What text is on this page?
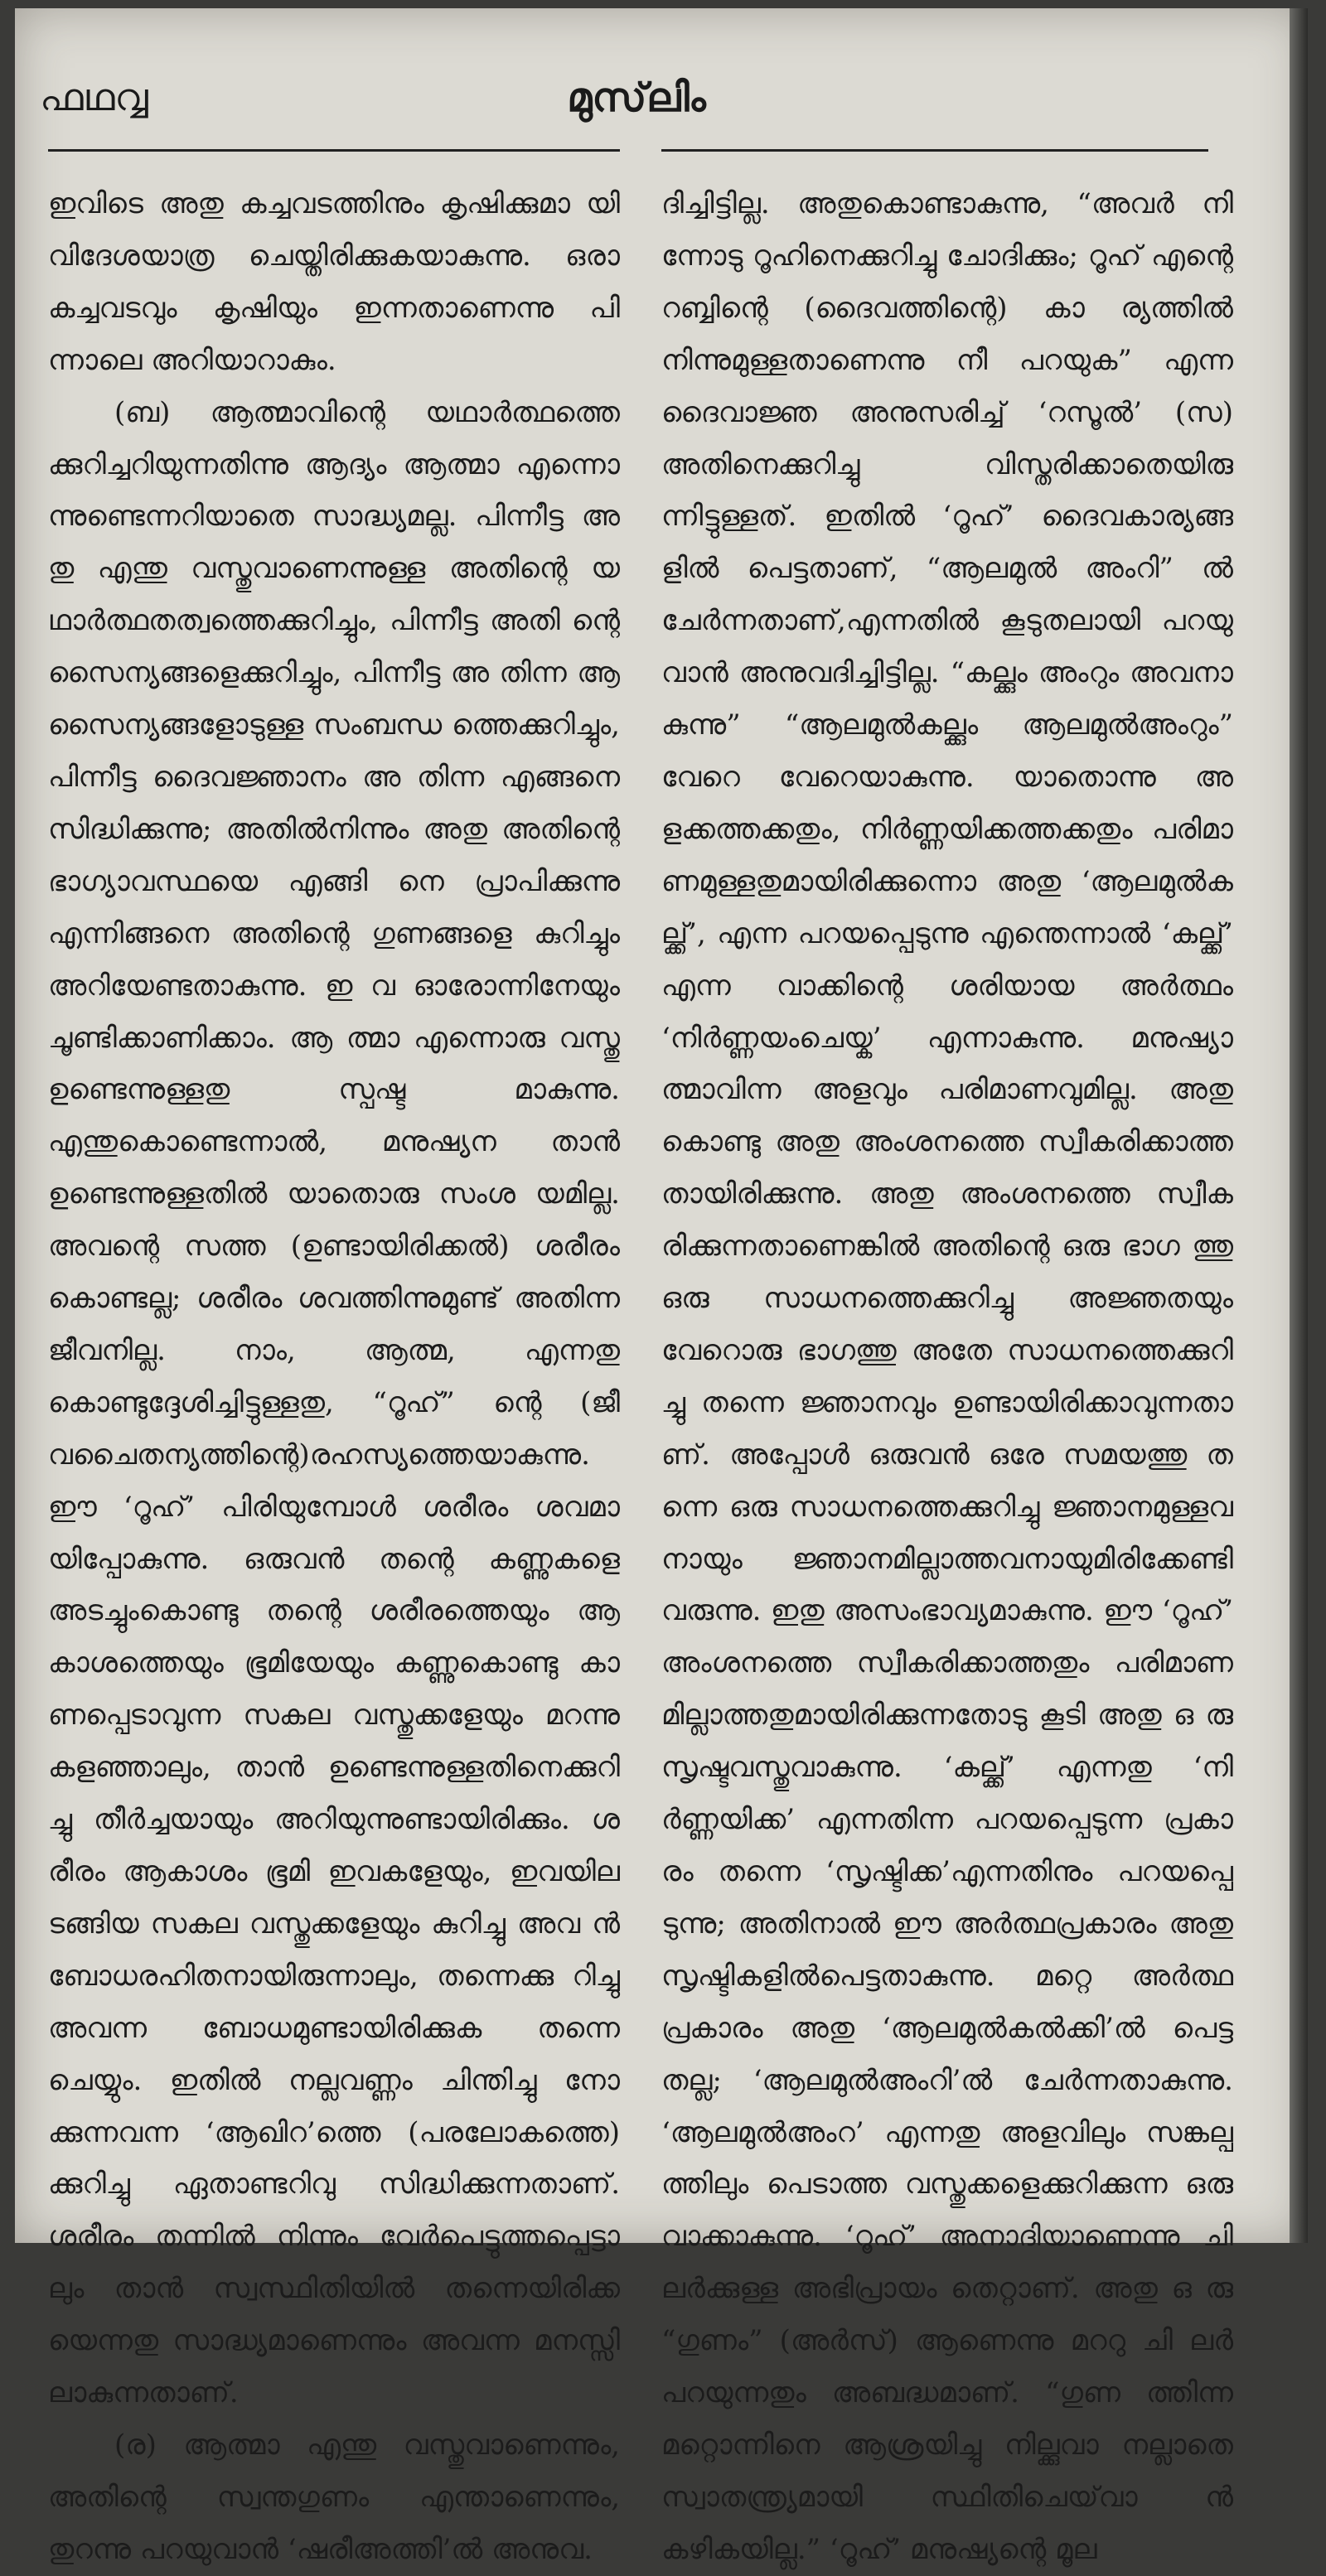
ഫഥവ്വ	മുസ്‌ലിം

ഇവിടെ അതു കച്ചവടത്തിനും കൃഷിക്കുമാ യി വിദേശയാത്ര ചെയ്തിരിക്കുകയാകുന്നു. ഒരാ കച്ചവടവും കൃഷിയും ഇന്നതാണെന്നു പി ന്നാലെ അറിയാറാകും.

(ബ) ആത്മാവിന്റെ യഥാർത്ഥത്തെ ക്കുറിച്ചറിയുന്നതിന്നു ആദ്യം ആത്മാ എന്നൊ ന്നുണ്ടെന്നറിയാതെ സാദ്ധ്യമല്ല. പിന്നീട്ട അ തു എന്തു വസ്തുവാണെന്നുള്ള അതിന്റെ യ ഥാർത്ഥതത്വത്തെക്കുറിച്ചും, പിന്നീട്ട അതി ന്റെ സൈന്യങ്ങളെക്കുറിച്ചും, പിന്നീട്ട അ തിന്ന ആ സൈന്യങ്ങളോടുള്ള സംബന്ധ ത്തെക്കുറിച്ചും, പിന്നീട്ട ദൈവജ്ഞാനം അ തിന്ന എങ്ങനെ സിദ്ധിക്കുന്നു; അതിൽനിന്നും അതു അതിന്റെ ഭാഗ്യാവസ്ഥയെ എങ്ങി നെ പ്രാപിക്കുന്നു എന്നിങ്ങനെ അതിന്റെ ഗുണങ്ങളെ കുറിച്ചും അറിയേണ്ടതാകുന്നു. ഇ വ ഓരോന്നിനേയും ചൂണ്ടിക്കാണിക്കാം. ആ ത്മാ എന്നൊരു വസ്തു ഉണ്ടെന്നുള്ളതു സ്പഷ്ട മാകുന്നു. എന്തുകൊണ്ടെന്നാൽ, മനുഷ്യന താൻ ഉണ്ടെന്നുള്ളതിൽ യാതൊരു സംശ യമില്ല. അവന്റെ സത്ത (ഉണ്ടായിരിക്കൽ) ശരീരം കൊണ്ടല്ല; ശരീരം ശവത്തിന്നുമുണ്ട് അതിന്ന ജീവനില്ല. നാം, ആത്മ, എന്നതു കൊണ്ടുദ്ദേശിച്ചിട്ടുള്ളതു, “റൂഹ്” ന്റെ (ജീ വചൈതന്യത്തിന്റെ)രഹസ്യത്തെയാകുന്നു. ഈ ‘റൂഹ്’ പിരിയുമ്പോൾ ശരീരം ശവമാ യിപ്പോകുന്നു. ഒരുവൻ തന്റെ കണ്ണുകളെ അടച്ചുംകൊണ്ടു തന്റെ ശരീരത്തെയും ആ കാശത്തെയും ഭൂമിയേയും കണ്ണുകൊണ്ടു കാ ണപ്പെടാവുന്ന സകല വസ്തുക്കളേയും മറന്നു കളഞ്ഞാലും, താൻ ഉണ്ടെന്നുള്ളതിനെക്കുറി ച്ചു തീർച്ചയായും അറിയുന്നുണ്ടായിരിക്കും. ശ രീരം ആകാശം ഭൂമി ഇവകളേയും, ഇവയില ടങ്ങിയ സകല വസ്തുക്കളേയും കുറിച്ചു അവ ൻ ബോധരഹിതനായിരുന്നാലും, തന്നെക്കു റിച്ചു അവന്ന ബോധമുണ്ടായിരിക്കുക തന്നെ ചെയ്യും. ഇതിൽ നല്ലവണ്ണം ചിന്തിച്ചു നോ ക്കുന്നവന്ന ‘ആഖിറ’ത്തെ (പരലോകത്തെ) ക്കുറിച്ചു ഏതാണ്ടറിവു സിദ്ധിക്കുന്നതാണ്. ശരീരം തന്നിൽ നിന്നും വേർപെട്ടുത്തപ്പെട്ടാ ലും താൻ സ്വസ്ഥിതിയിൽ തന്നെയിരിക്ക യെന്നതു സാദ്ധ്യമാണെന്നും അവന്ന മനസ്സി ലാകുന്നതാണ്.

(ര) ആത്മാ എന്തു വസ്തുവാണെന്നും, അതിന്റെ സ്വന്തഗുണം എന്താണെന്നും, തുറന്നു പറയുവാൻ ‘ഷരീഅത്തി’ൽ അനുവ.

ദിച്ചിട്ടില്ല. അതുകൊണ്ടാകുന്നു, “അവർ നി ന്നോടു റൂഹിനെക്കുറിച്ചു ചോദിക്കും; റൂഹ് എന്റെ റബ്ബിന്റെ (ദൈവത്തിന്റെ) കാ ര്യത്തിൽ നിന്നുമുള്ളതാണെന്നു നീ പറയുക” എന്ന ദൈവാജ്ഞ അനുസരിച്ച് ‘റസൂൽ’ (സ) അതിനെക്കുറിച്ചു വിസ്തരിക്കാതെയിരു ന്നിട്ടുള്ളത്. ഇതിൽ ‘റൂഹ്’ ദൈവകാര്യങ്ങ ളിൽ പെട്ടതാണ്, “ആലമുൽ അംറി” ൽ ചേർന്നതാണ്,എന്നതിൽ കൂടുതലായി പറയു വാൻ അനുവദിച്ചിട്ടില്ല. “കല്ക്കും അംറും അവനാ കുന്നു” “ആലമുൽകല്ക്കും ആലമുൽഅംറും” വേറെ വേറെയാകുന്നു. യാതൊന്നു അ ളക്കത്തക്കതും, നിർണ്ണയിക്കത്തക്കതും പരിമാ ണമുള്ളതുമായിരിക്കുന്നൊ അതു ‘ആലമുൽക ല്ക്ക്’, എന്ന പറയപ്പെടുന്നു എന്തെന്നാൽ ‘കല്ക്ക്’ എന്ന വാക്കിന്റെ ശരിയായ അർത്ഥം ‘നിർണ്ണയംചെയ്ക’ എന്നാകുന്നു. മനുഷ്യാ ത്മാവിന്ന അളവും പരിമാണവുമില്ല. അതു കൊണ്ടു അതു അംശനത്തെ സ്വീകരിക്കാത്ത തായിരിക്കുന്നു. അതു അംശനത്തെ സ്വീക രിക്കുന്നതാണെങ്കിൽ അതിന്റെ ഒരു ഭാഗ ത്തു ഒരു സാധനത്തെക്കുറിച്ചു അജ്ഞതയും വേറൊരു ഭാഗത്തു അതേ സാധനത്തെക്കുറി ച്ചു തന്നെ ജ്ഞാനവും ഉണ്ടായിരിക്കാവുന്നതാ ണ്. അപ്പോൾ ഒരുവൻ ഒരേ സമയത്തു ത ന്നെ ഒരു സാധനത്തെക്കുറിച്ചു ജ്ഞാനമുള്ളവ നായും ജ്ഞാനമില്ലാത്തവനായുമിരിക്കേണ്ടി വരുന്നു. ഇതു അസംഭാവ്യമാകുന്നു. ഈ ‘റൂഹ്’ അംശനത്തെ സ്വീകരിക്കാത്തതും പരിമാണ മില്ലാത്തതുമായിരിക്കുന്നതോടു കൂടി അതു ഒ രു സൃഷ്ടവസ്തുവാകുന്നു. ‘കല്ക്ക്’ എന്നതു ‘നി ർണ്ണയിക്ക’ എന്നതിന്ന പറയപ്പെടുന്ന പ്രകാ രം തന്നെ ‘സൃഷ്ടിക്ക’എന്നതിനും പറയപ്പെ ടുന്നു; അതിനാൽ ഈ അർത്ഥപ്രകാരം അതു സൃഷ്ടികളിൽപെട്ടതാകുന്നു. മറ്റെ അർത്ഥ പ്രകാരം അതു ‘ആലമുൽകൽക്കി’ൽ പെട്ട തല്ല; ‘ആലമുൽഅംറി’ൽ ചേർന്നതാകുന്നു. ‘ആലമുൽഅംറ’ എന്നതു അളവിലും സങ്കല്പ ത്തിലും പെടാത്ത വസ്തുക്കളെക്കുറിക്കുന്ന ഒരു വാക്കാകുന്നു. ‘റൂഹ്’ അനാദിയാണെന്നു ചി ലർക്കുള്ള അഭിപ്രായം തെറ്റാണ്. അതു ഒ രു “ഗുണം” (അർസ്) ആണെന്നു മററു ചി ലർ പറയുന്നതും അബദ്ധമാണ്. “ഗുണ ത്തിന്ന മറ്റൊന്നിനെ ആശ്രയിച്ചു നില്ക്കുവാ നല്ലാതെ സ്വാതന്ത്ര്യമായി സ്ഥിതിചെയ്‌വാ ൻ കഴികയില്ല.” ‘റൂഹ്’ മനുഷ്യന്റെ മൂല
